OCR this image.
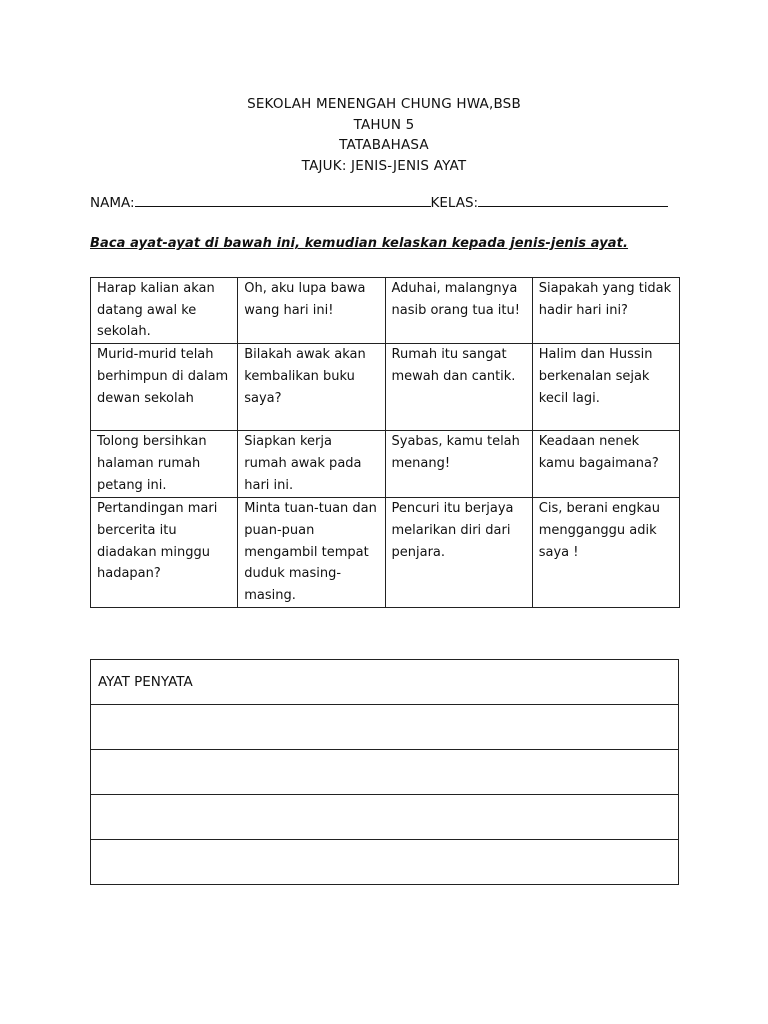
SEKOLAH MENENGAH CHUNG HWA,BSB
TAHUN 5
TATABAHASA
TAJUK: JENIS-JENIS AYAT
NAMA:	KELAS:
Baca ayat-ayat di bawah ini, kemudian kelaskan kepada jenis-jenis ayat.
Harap kalian akan datang awal ke sekolah.	Oh, aku lupa bawa wang hari ini!	Aduhai, malangnya nasib orang tua itu!	Siapakah yang tidak hadir hari ini?
Murid-murid telah berhimpun di dalam dewan sekolah	Bilakah awak akan kembalikan buku saya?	Rumah itu sangat mewah dan cantik.	Halim dan Hussin berkenalan sejak kecil lagi.
Tolong bersihkan halaman rumah petang ini.	Siapkan kerja rumah awak pada hari ini.	Syabas, kamu telah menang!	Keadaan nenek kamu bagaimana?
Pertandingan mari bercerita itu diadakan minggu hadapan?	Minta tuan-tuan dan puan-puan mengambil tempat duduk masing-masing.	Pencuri itu berjaya melarikan diri dari penjara.	Cis, berani engkau mengganggu adik saya !
AYAT PENYATA
